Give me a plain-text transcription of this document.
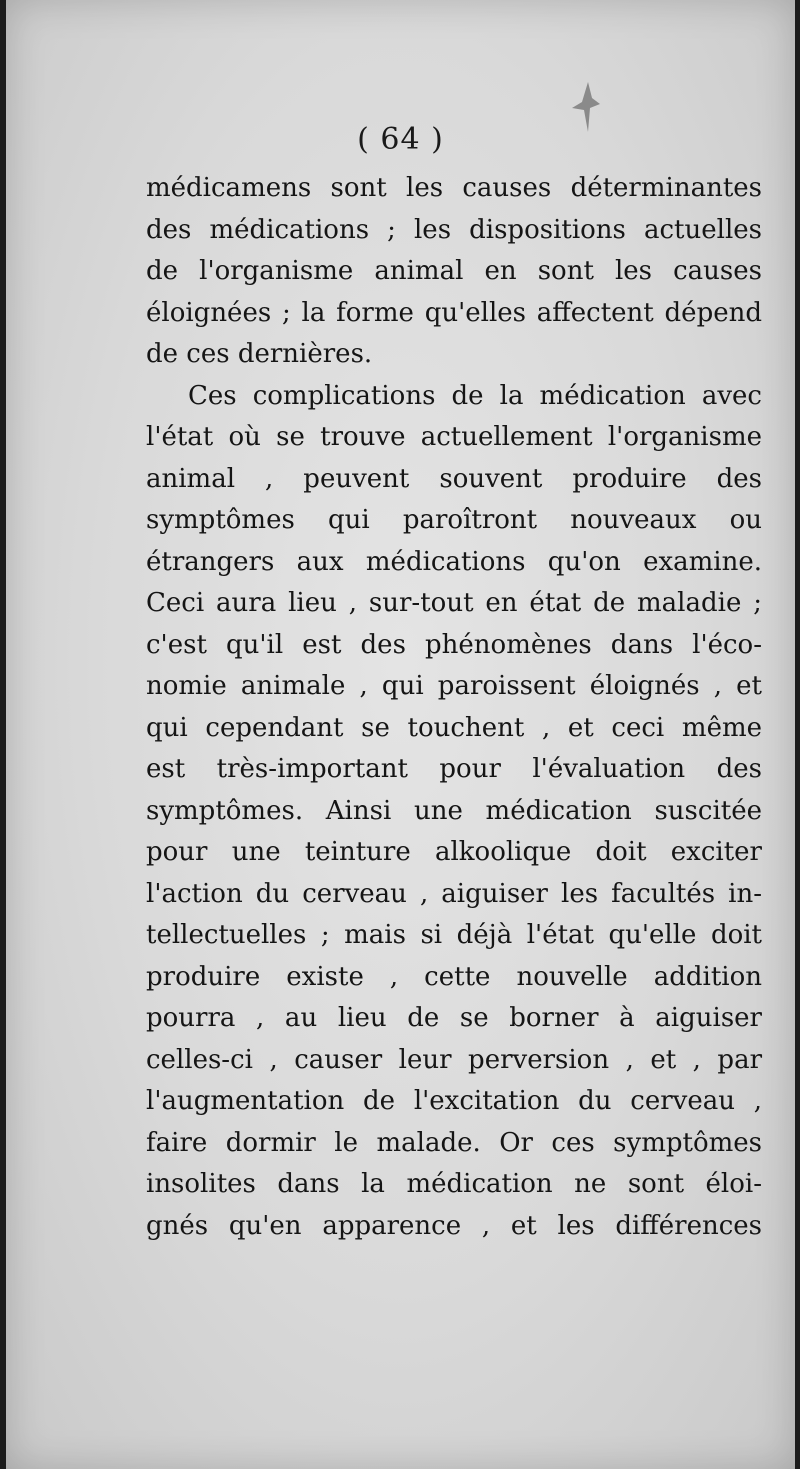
( 64 )
médicamens sont les causes déterminantes
des médications ; les dispositions actuelles
de l'organisme animal en sont les causes
éloignées ; la forme qu'elles affectent dépend
de ces dernières.
Ces complications de la médication avec
l'état où se trouve actuellement l'organisme
animal , peuvent souvent produire des
symptômes qui paroîtront nouveaux ou
étrangers aux médications qu'on examine.
Ceci aura lieu , sur-tout en état de maladie ;
c'est qu'il est des phénomènes dans l'éco-
nomie animale , qui paroissent éloignés , et
qui cependant se touchent , et ceci même
est très-important pour l'évaluation des
symptômes. Ainsi une médication suscitée
pour une teinture alkoolique doit exciter
l'action du cerveau , aiguiser les facultés in-
tellectuelles ; mais si déjà l'état qu'elle doit
produire existe , cette nouvelle addition
pourra , au lieu de se borner à aiguiser
celles-ci , causer leur perversion , et , par
l'augmentation de l'excitation du cerveau ,
faire dormir le malade. Or ces symptômes
insolites dans la médication ne sont éloi-
gnés qu'en apparence , et les différences
